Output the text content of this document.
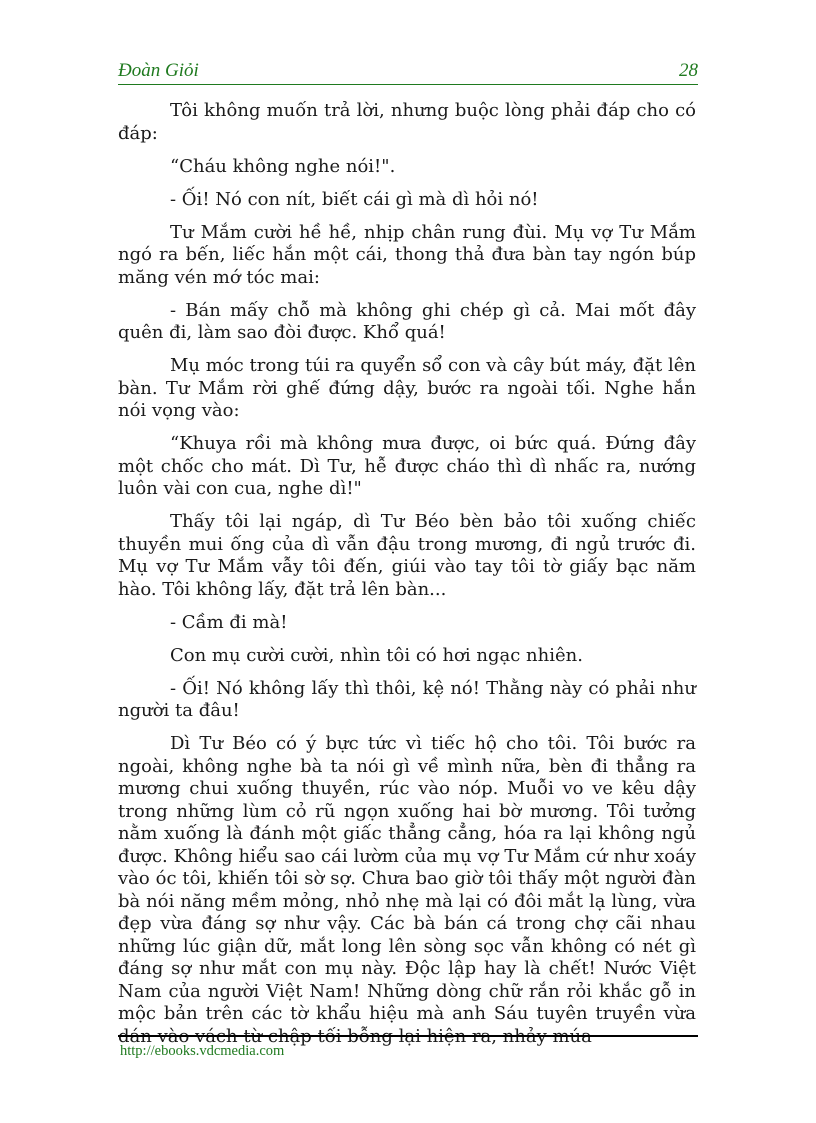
Đoàn Giỏi	28

Tôi không muốn trả lời, nhưng buộc lòng phải đáp cho có đáp:

“Cháu không nghe nói!".

- Ối! Nó con nít, biết cái gì mà dì hỏi nó!

Tư Mắm cười hề hề, nhịp chân rung đùi. Mụ vợ Tư Mắm ngó ra bến, liếc hắn một cái, thong thả đưa bàn tay ngón búp măng vén mớ tóc mai:

- Bán mấy chỗ mà không ghi chép gì cả. Mai mốt đây quên đi, làm sao đòi được. Khổ quá!

Mụ móc trong túi ra quyển sổ con và cây bút máy, đặt lên bàn. Tư Mắm rời ghế đứng dậy, bước ra ngoài tối. Nghe hắn nói vọng vào:

“Khuya rồi mà không mưa được, oi bức quá. Đứng đây một chốc cho mát. Dì Tư, hễ được cháo thì dì nhấc ra, nướng luôn vài con cua, nghe dì!"

Thấy tôi lại ngáp, dì Tư Béo bèn bảo tôi xuống chiếc thuyền mui ống của dì vẫn đậu trong mương, đi ngủ trước đi. Mụ vợ Tư Mắm vẫy tôi đến, giúi vào tay tôi tờ giấy bạc năm hào. Tôi không lấy, đặt trả lên bàn...

- Cầm đi mà!

Con mụ cười cười, nhìn tôi có hơi ngạc nhiên.

- Ối! Nó không lấy thì thôi, kệ nó! Thằng này có phải như người ta đâu!

Dì Tư Béo có ý bực tức vì tiếc hộ cho tôi. Tôi bước ra ngoài, không nghe bà ta nói gì về mình nữa, bèn đi thẳng ra mương chui xuống thuyền, rúc vào nóp. Muỗi vo ve kêu dậy trong những lùm cỏ rũ ngọn xuống hai bờ mương. Tôi tưởng nằm xuống là đánh một giấc thẳng cẳng, hóa ra lại không ngủ được. Không hiểu sao cái lườm của mụ vợ Tư Mắm cứ như xoáy vào óc tôi, khiến tôi sờ sợ. Chưa bao giờ tôi thấy một người đàn bà nói năng mềm mỏng, nhỏ nhẹ mà lại có đôi mắt lạ lùng, vừa đẹp vừa đáng sợ như vậy. Các bà bán cá trong chợ cãi nhau những lúc giận dữ, mắt long lên sòng sọc vẫn không có nét gì đáng sợ như mắt con mụ này. Độc lập hay là chết! Nước Việt Nam của người Việt Nam! Những dòng chữ rắn rỏi khắc gỗ in mộc bản trên các tờ khẩu hiệu mà anh Sáu tuyên truyền vừa dán vào vách từ chập tối bỗng lại hiện ra, nhảy múa

http://ebooks.vdcmedia.com
